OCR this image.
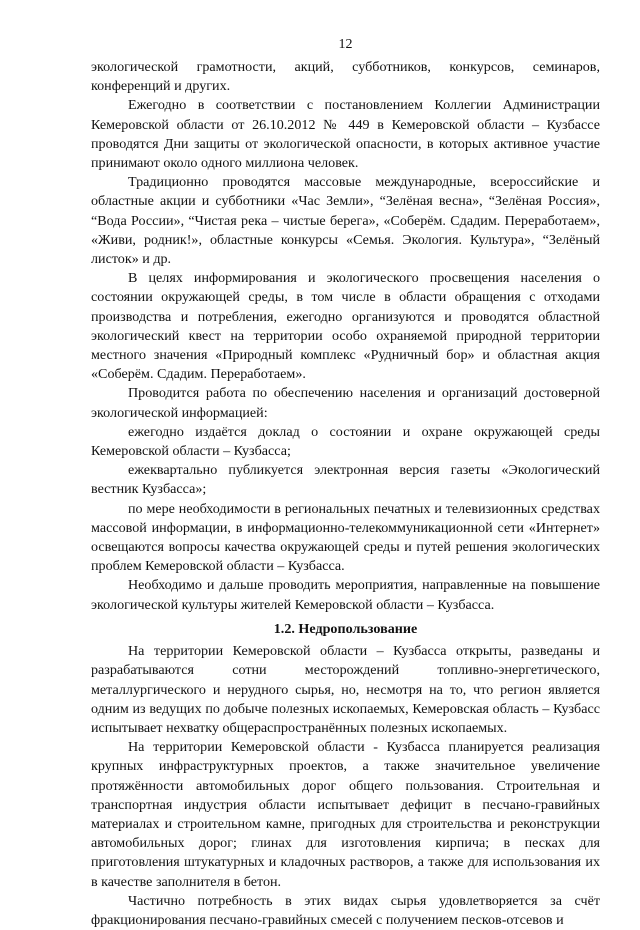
12

экологической грамотности, акций, субботников, конкурсов, семинаров, конференций и других.

Ежегодно в соответствии с постановлением Коллегии Администрации Кемеровской области от 26.10.2012 № 449 в Кемеровской области – Кузбассе проводятся Дни защиты от экологической опасности, в которых активное участие принимают около одного миллиона человек.

Традиционно проводятся массовые международные, всероссийские и областные акции и субботники «Час Земли», “Зелёная весна», “Зелёная Россия», “Вода России», “Чистая река – чистые берега», «Соберём. Сдадим. Переработаем», «Живи, родник!», областные конкурсы «Семья. Экология. Культура», “Зелёный листок» и др.

В целях информирования и экологического просвещения населения о состоянии окружающей среды, в том числе в области обращения с отходами производства и потребления, ежегодно организуются и проводятся областной экологический квест на территории особо охраняемой природной территории местного значения «Природный комплекс «Рудничный бор» и областная акция «Соберём. Сдадим. Переработаем».

Проводится работа по обеспечению населения и организаций достоверной экологической информацией:

ежегодно издаётся доклад о состоянии и охране окружающей среды Кемеровской области – Кузбасса;

ежеквартально публикуется электронная версия газеты «Экологический вестник Кузбасса»;

по мере необходимости в региональных печатных и телевизионных средствах массовой информации, в информационно-телекоммуникационной сети «Интернет» освещаются вопросы качества окружающей среды и путей решения экологических проблем Кемеровской области – Кузбасса.

Необходимо и дальше проводить мероприятия, направленные на повышение экологической культуры жителей Кемеровской области – Кузбасса.

1.2. Недропользование

На территории Кемеровской области – Кузбасса открыты, разведаны и разрабатываются сотни месторождений топливно-энергетического, металлургического и нерудного сырья, но, несмотря на то, что регион является одним из ведущих по добыче полезных ископаемых, Кемеровская область – Кузбасс испытывает нехватку общераспространённых полезных ископаемых.

На территории Кемеровской области - Кузбасса планируется реализация крупных инфраструктурных проектов, а также значительное увеличение протяжённости автомобильных дорог общего пользования. Строительная и транспортная индустрия области испытывает дефицит в песчано-гравийных материалах и строительном камне, пригодных для строительства и реконструкции автомобильных дорог; глинах для изготовления кирпича; в песках для приготовления штукатурных и кладочных растворов, а также для использования их в качестве заполнителя в бетон.

Частично потребность в этих видах сырья удовлетворяется за счёт фракционирования песчано-гравийных смесей с получением песков-отсевов и
